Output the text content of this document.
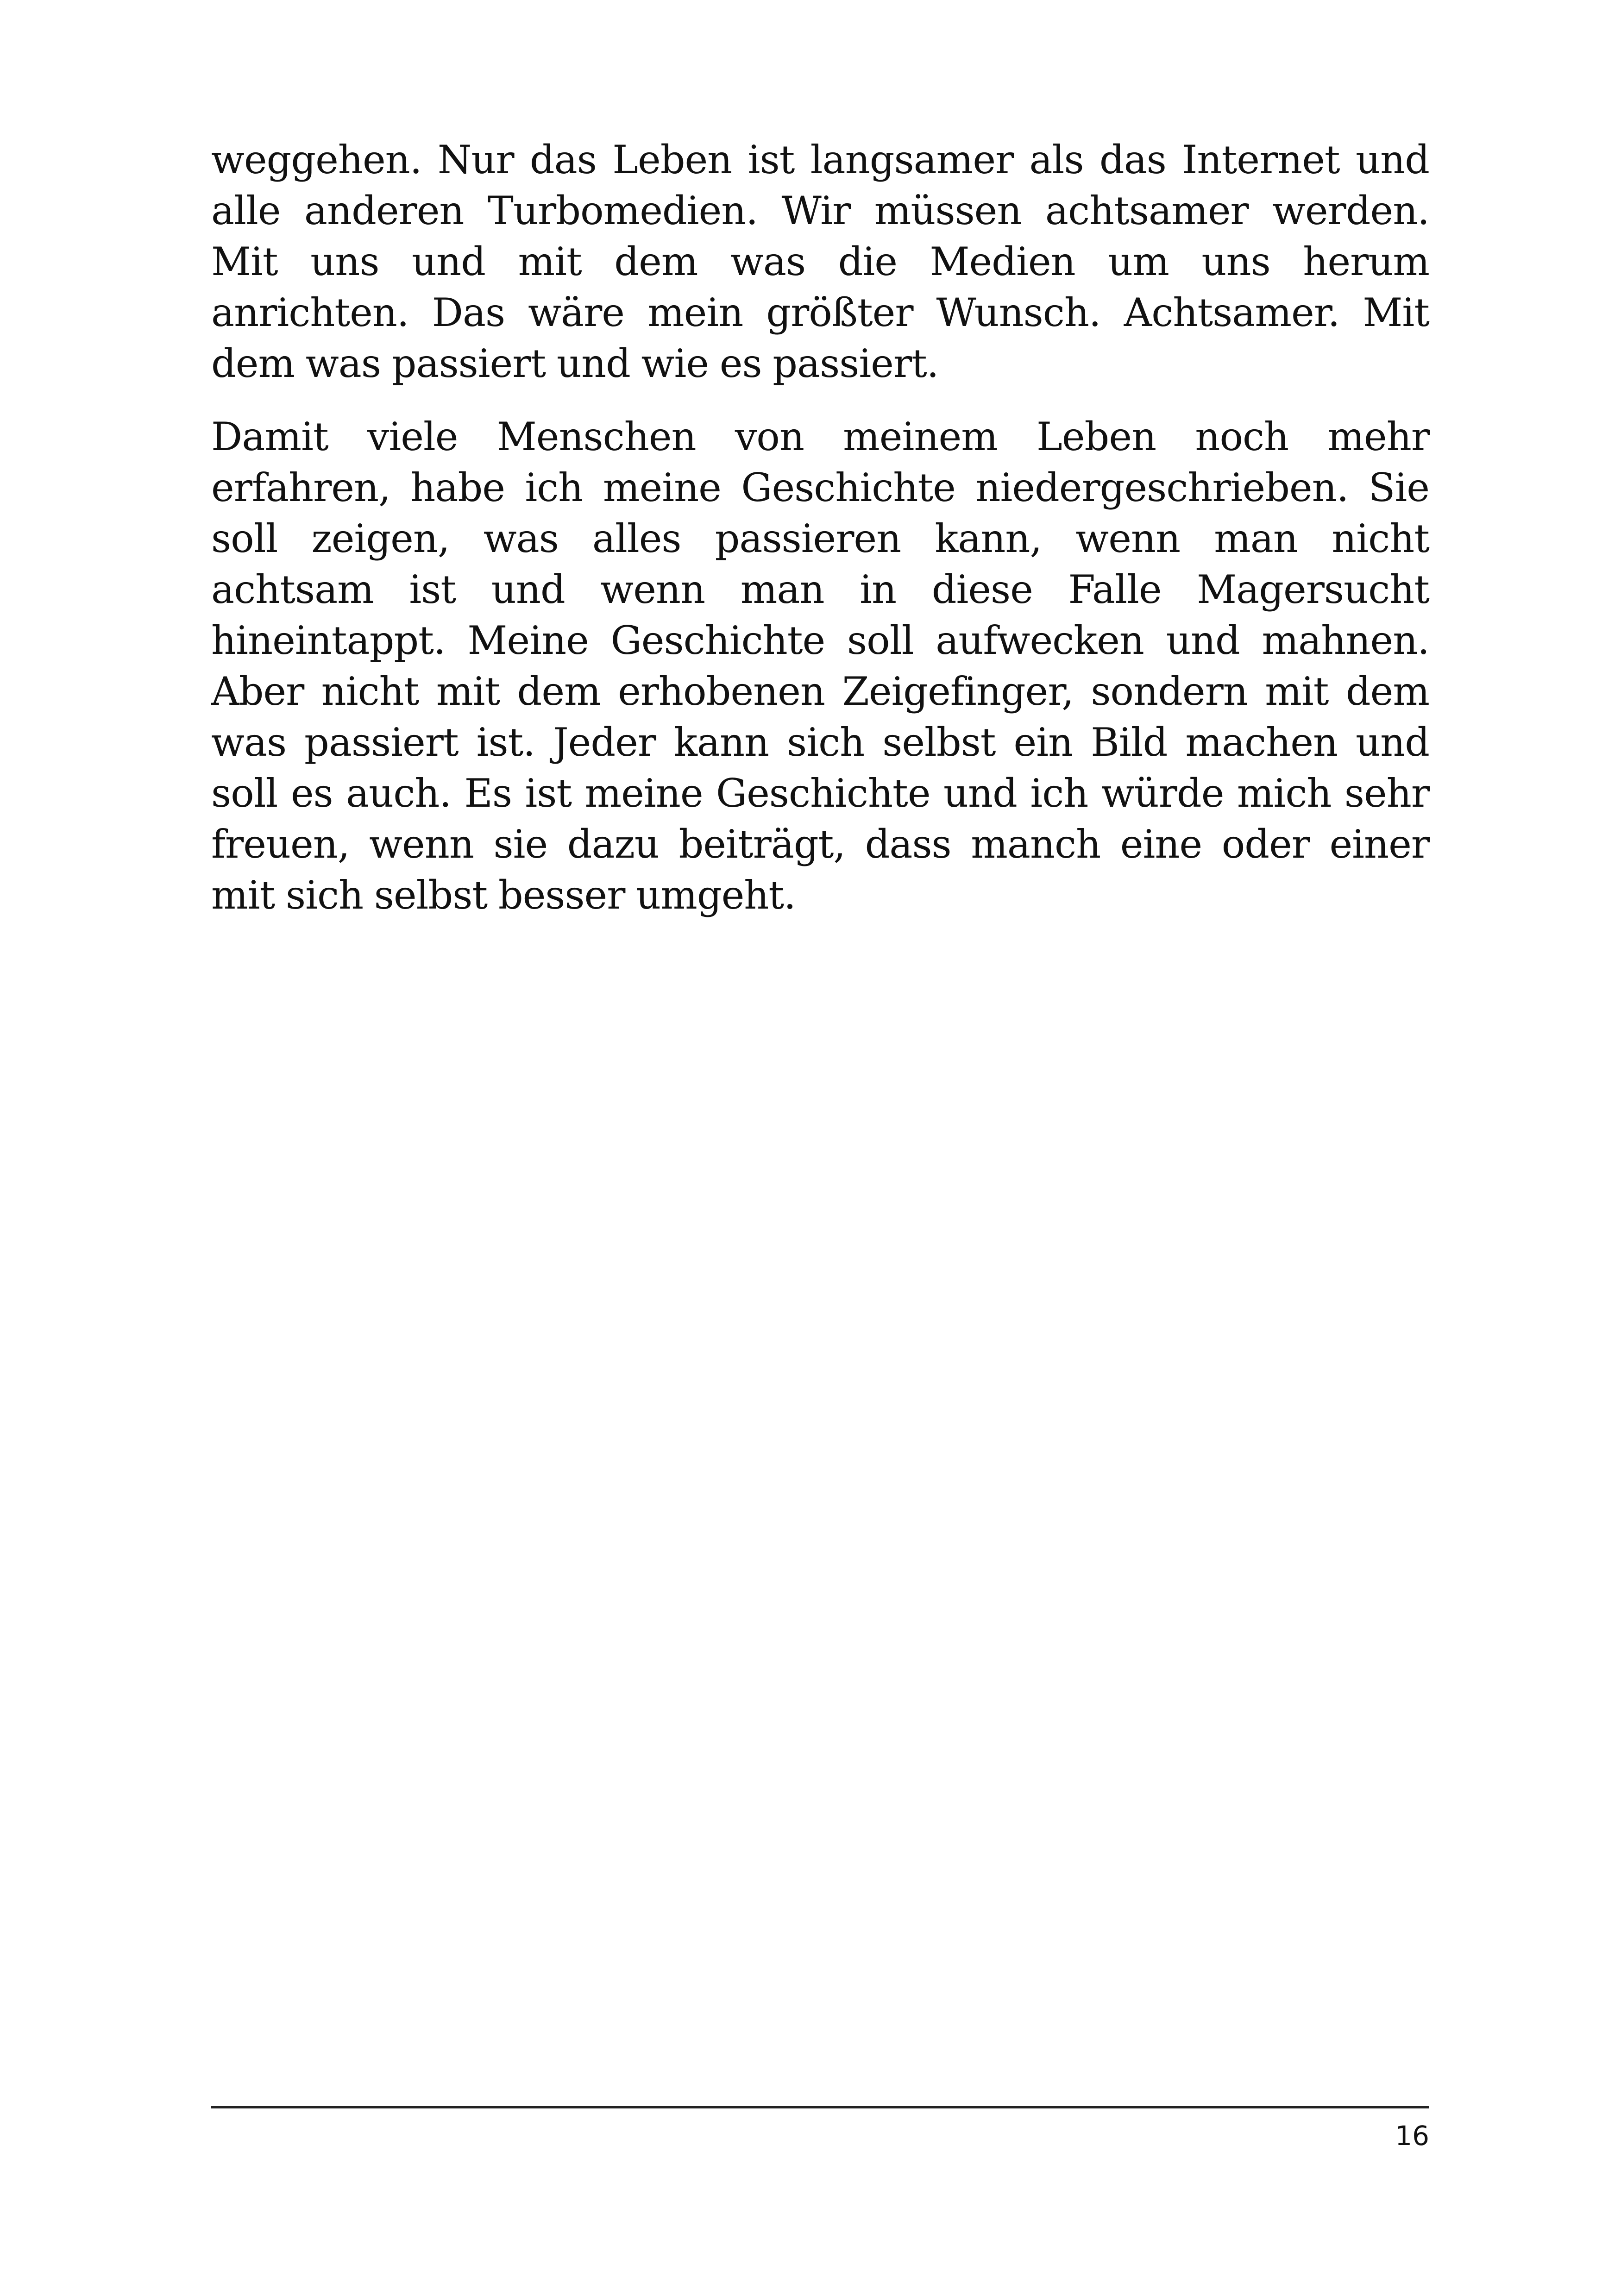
weggehen. Nur das Leben ist langsamer als das Internet und
alle anderen Turbomedien. Wir müssen achtsamer werden.
Mit uns und mit dem was die Medien um uns herum
anrichten. Das wäre mein größter Wunsch. Achtsamer. Mit
dem was passiert und wie es passiert.

Damit viele Menschen von meinem Leben noch mehr
erfahren, habe ich meine Geschichte niedergeschrieben. Sie
soll zeigen, was alles passieren kann, wenn man nicht
achtsam ist und wenn man in diese Falle Magersucht
hineintappt. Meine Geschichte soll aufwecken und mahnen.
Aber nicht mit dem erhobenen Zeigefinger, sondern mit dem
was passiert ist. Jeder kann sich selbst ein Bild machen und
soll es auch. Es ist meine Geschichte und ich würde mich sehr
freuen, wenn sie dazu beiträgt, dass manch eine oder einer
mit sich selbst besser umgeht.

16
